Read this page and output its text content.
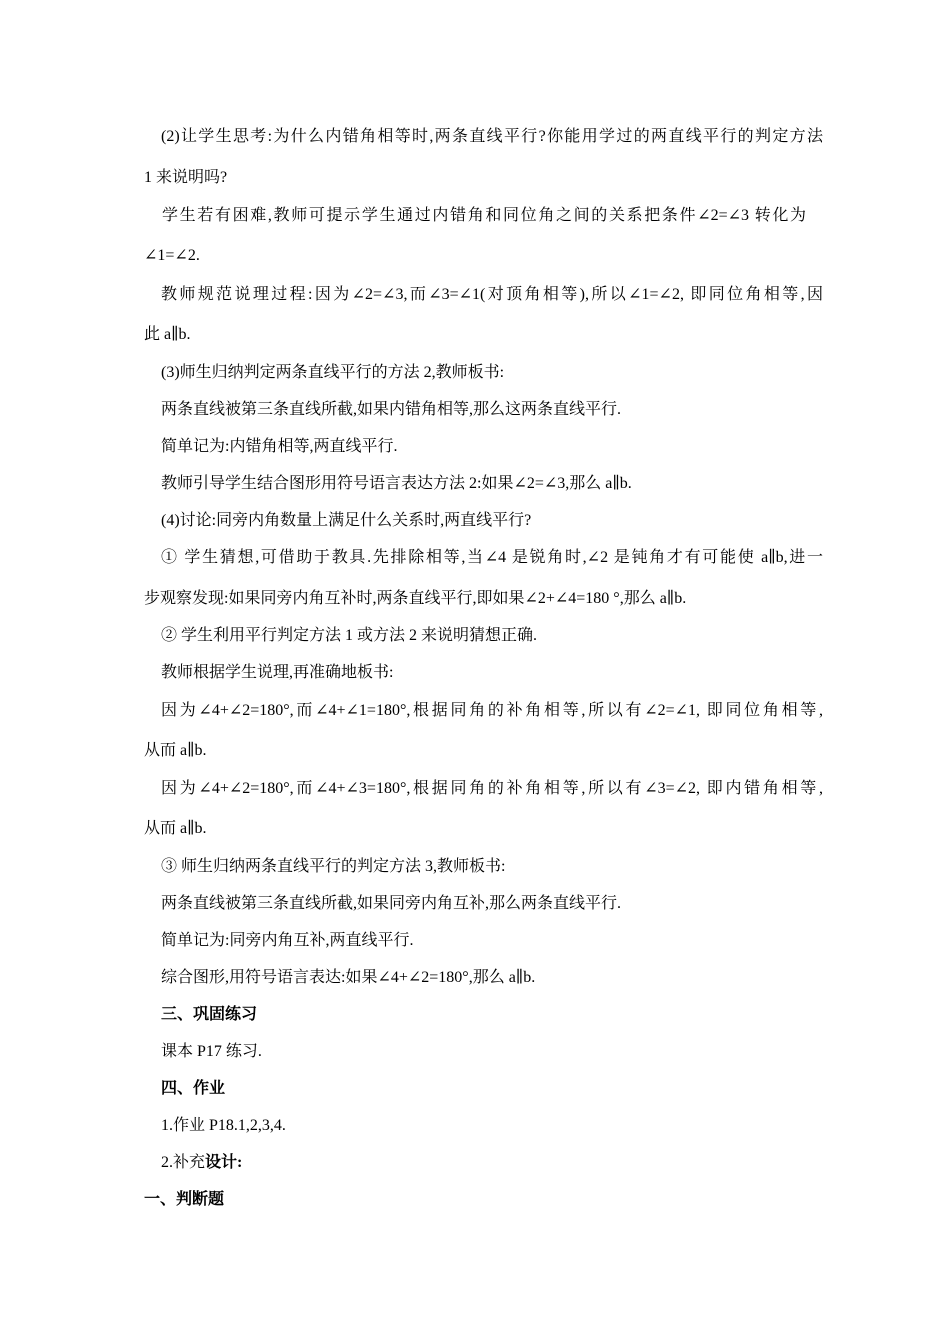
(2)让学生思考:为什么内错角相等时,两条直线平行?你能用学过的两直线平行的判定方法
1 来说明吗?
学生若有困难,教师可提示学生通过内错角和同位角之间的关系把条件∠2=∠3 转化为
∠1=∠2.
教师规范说理过程:因为∠2=∠3,而∠3=∠1(对顶角相等),所以∠1=∠2, 即同位角相等,因
此 a∥b.
(3)师生归纳判定两条直线平行的方法 2,教师板书:
两条直线被第三条直线所截,如果内错角相等,那么这两条直线平行.
简单记为:内错角相等,两直线平行.
教师引导学生结合图形用符号语言表达方法 2:如果∠2=∠3,那么 a∥b.
(4)讨论:同旁内角数量上满足什么关系时,两直线平行?
① 学生猜想,可借助于教具.先排除相等,当∠4 是锐角时,∠2 是钝角才有可能使 a∥b,进一
步观察发现:如果同旁内角互补时,两条直线平行,即如果∠2+∠4=180 °,那么 a∥b.
② 学生利用平行判定方法 1 或方法 2 来说明猜想正确.
教师根据学生说理,再准确地板书:
因为∠4+∠2=180°,而∠4+∠1=180°,根据同角的补角相等,所以有∠2=∠1, 即同位角相等,
从而 a∥b.
因为∠4+∠2=180°,而∠4+∠3=180°,根据同角的补角相等,所以有∠3=∠2, 即内错角相等,
从而 a∥b.
③ 师生归纳两条直线平行的判定方法 3,教师板书:
两条直线被第三条直线所截,如果同旁内角互补,那么两条直线平行.
简单记为:同旁内角互补,两直线平行.
综合图形,用符号语言表达:如果∠4+∠2=180°,那么 a∥b.
三、巩固练习
课本 P17 练习.
四、作业
1.作业 P18.1,2,3,4.
2.补充设计:
一、判断题
